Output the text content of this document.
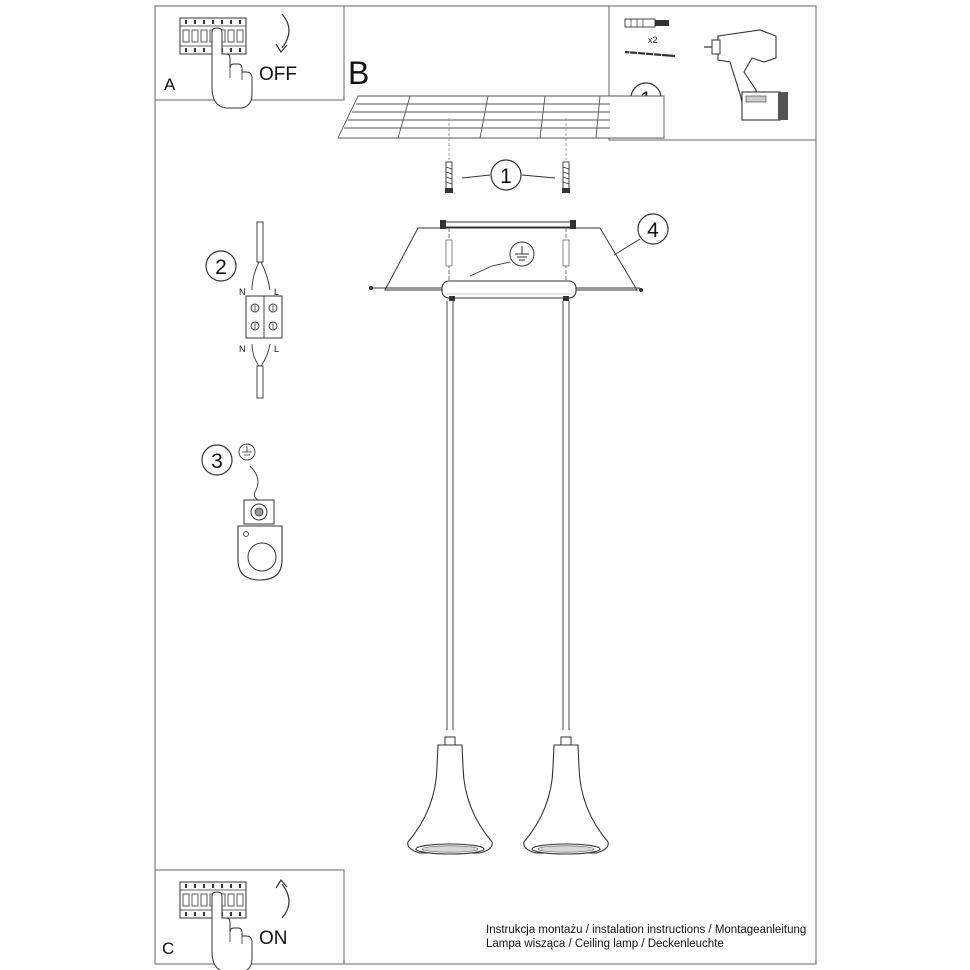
A	OFF B
x2
1
4
2
N	L
N	L
3
C	ON	Instrukcja montażu / instalation instructions / Montageanleitung
Lampa wisząca / Ceiling lamp / Deckenleuchte
